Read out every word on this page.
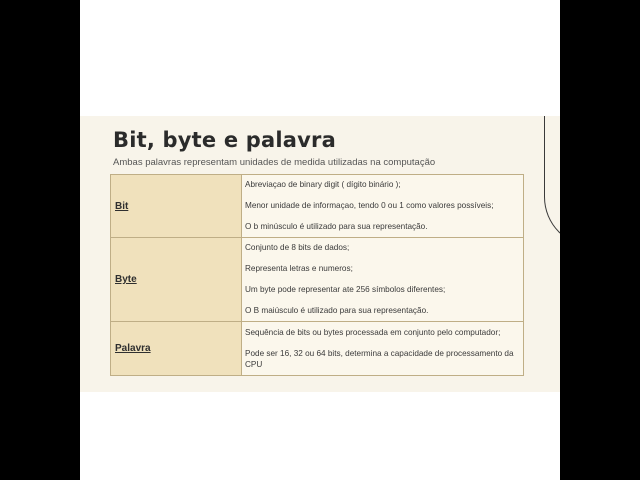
Bit, byte e palavra

Ambas palavras representam unidades de medida utilizadas na computação

Bit	Abreviaçao de binary digit ( dígito binário );

Menor unidade de informaçao, tendo 0 ou 1 como valores possíveis;

O b minúsculo é utilizado para sua representação.

Byte	Conjunto de 8 bits de dados;

Representa letras e numeros;

Um byte pode representar ate 256 símbolos diferentes;

O B maiúsculo é utilizado para sua representação.

Palavra	Sequência de bits ou bytes processada em conjunto pelo computador;

Pode ser 16, 32 ou 64 bits, determina a capacidade de processamento da CPU
